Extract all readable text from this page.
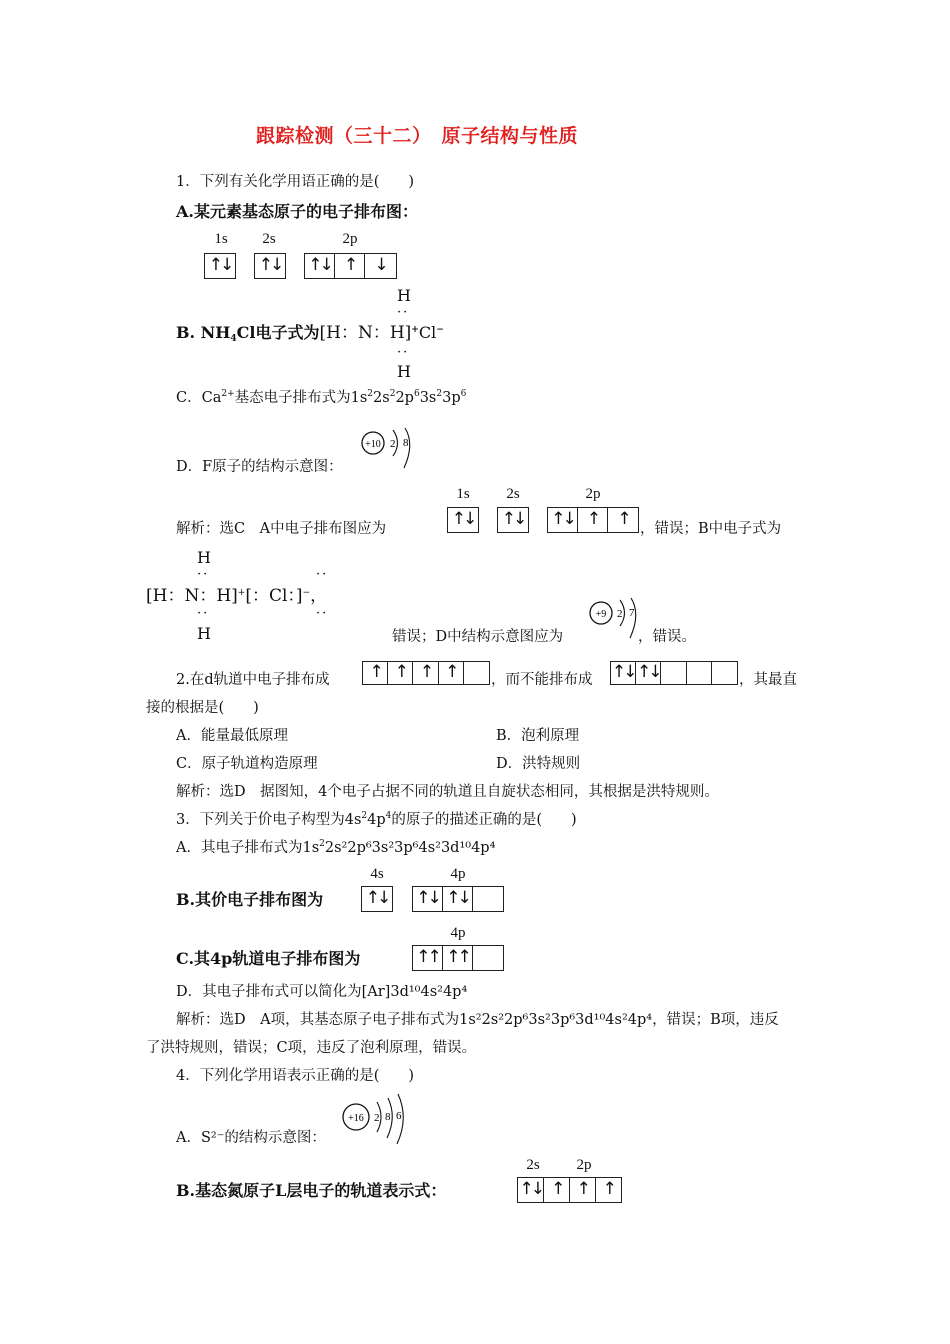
跟踪检测（三十二）　原子结构与性质
1．下列有关化学用语正确的是(　　)
A.某元素基态原子的电子排布图：
1s	2s	2p
↑↓ ↑↓ ↑↓ ↑	↓
H
··
B. $NH_4Cl$电子式为[H：N：H]+Cl−
··
H
C．$Ca^{2+}$基态电子排布式为$1s^22s^22p^63s^23p^6$
D．F原子的结构示意图：
+10 2 8
1s	2s	2p
解析：选C　A中电子排布图应为	↑↓ ↑↓ ↑↓ ↑	↑ ，错误；B中电子式为
H
··	··
[H：N：H]+[：Cl：]−，
··	··
H	错误；D中结构示意图应为
+9 2 7
，错误。
2.在d轨道中电子排布成	↑ ↑ ↑ ↑	，而不能排布成 ↑↓ ↑↓	，其最直
接的根据是(　　)
A．能量最低原理	B．泡利原理
C．原子轨道构造原理	D．洪特规则
解析：选D　据图知，4个电子占据不同的轨道且自旋状态相同，其根据是洪特规则。
3．下列关于价电子构型为$4s^24p^4$的原子的描述正确的是(　　)
A．其电子排布式为$1s^22s^22p^63s^23p^64s^23d^{10}4p^4$
4s	4p
B.其价电子排布图为	↑↓ ↑↓ ↑↓
4p
C.其4p轨道电子排布图为	↑↑ ↑↑
D．其电子排布式可以简化为[Ar]3d¹⁰4s²4p⁴
解析：选D　A项，其基态原子电子排布式为1s²2s²2p⁶3s²3p⁶3d¹⁰4s²4p⁴，错误；B项，违反
了洪特规则，错误；C项，违反了泡利原理，错误。
4．下列化学用语表示正确的是(　　)
A．S²⁻的结构示意图：
+16 2 8 6
2s	2p
B.基态氮原子L层电子的轨道表示式：	↑↓ ↑ ↑ ↑
